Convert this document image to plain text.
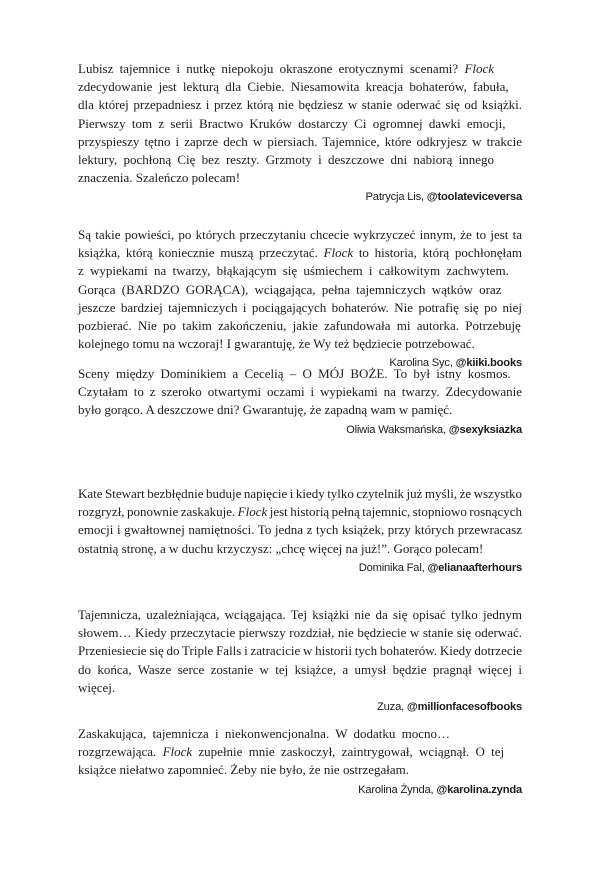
Lubisz tajemnice i nutkę niepokoju okraszone erotycznymi scenami? Flock
zdecydowanie jest lekturą dla Ciebie. Niesamowita kreacja bohaterów, fabuła,
dla której przepadniesz i przez którą nie będziesz w stanie oderwać się od książki.
Pierwszy tom z serii Bractwo Kruków dostarczy Ci ogromnej dawki emocji,
przyspieszy tętno i zaprze dech w piersiach. Tajemnice, które odkryjesz w trakcie
lektury, pochłoną Cię bez reszty. Grzmoty i deszczowe dni nabiorą innego
znaczenia. Szaleńczo polecam!

Patrycja Lis, @toolateviceversa

Są takie powieści, po których przeczytaniu chcecie wykrzyczeć innym, że to jest ta
książka, którą koniecznie muszą przeczytać. Flock to historia, którą pochłonęłam
z wypiekami na twarzy, błąkającym się uśmiechem i całkowitym zachwytem.
Gorąca (BARDZO GORĄCA), wciągająca, pełna tajemniczych wątków oraz
jeszcze bardziej tajemniczych i pociągających bohaterów. Nie potrafię się po niej
pozbierać. Nie po takim zakończeniu, jakie zafundowała mi autorka. Potrzebuję
kolejnego tomu na wczoraj! I gwarantuję, że Wy też będziecie potrzebować.

Karolina Syc, @kiiki.books

Sceny między Dominikiem a Cecelią – O MÓJ BOŻE. To był istny kosmos.
Czytałam to z szeroko otwartymi oczami i wypiekami na twarzy. Zdecydowanie
było gorąco. A deszczowe dni? Gwarantuję, że zapadną wam w pamięć.

Oliwia Waksmańska, @sexyksiazka

Kate Stewart bezbłędnie buduje napięcie i kiedy tylko czytelnik już myśli, że wszystko
rozgryzł, ponownie zaskakuje. Flock jest historią pełną tajemnic, stopniowo rosnących
emocji i gwałtownej namiętności. To jedna z tych książek, przy których przewracasz
ostatnią stronę, a w duchu krzyczysz: „chcę więcej na już!”. Gorąco polecam!

Dominika Fal, @elianaafterhours

Tajemnicza, uzależniająca, wciągająca. Tej książki nie da się opisać tylko jednym
słowem… Kiedy przeczytacie pierwszy rozdział, nie będziecie w stanie się oderwać.
Przeniesiecie się do Triple Falls i zatracicie w historii tych bohaterów. Kiedy dotrzecie
do końca, Wasze serce zostanie w tej książce, a umysł będzie pragnął więcej i więcej.

Zuza, @millionfacesofbooks

Zaskakująca, tajemnicza i niekonwencjonalna. W dodatku mocno…
rozgrzewająca. Flock zupełnie mnie zaskoczył, zaintrygował, wciągnął. O tej
książce niełatwo zapomnieć. Żeby nie było, że nie ostrzegałam.

Karolina Żynda, @karolina.zynda
